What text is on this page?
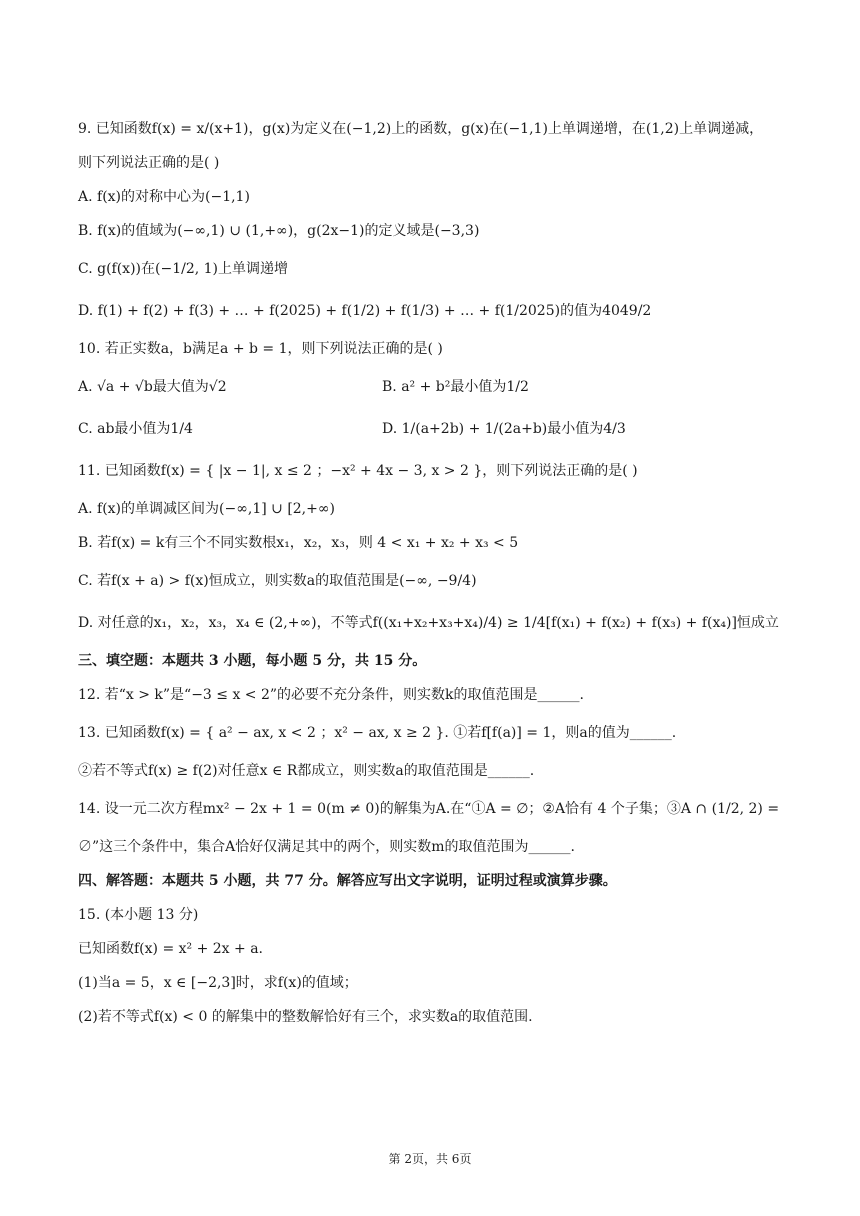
9. 已知函数f(x) = x/(x+1)，g(x)为定义在(−1,2)上的函数，g(x)在(−1,1)上单调递增，在(1,2)上单调递减，
则下列说法正确的是( )
A. f(x)的对称中心为(−1,1)
B. f(x)的值域为(−∞,1) ∪ (1,+∞)，g(2x−1)的定义域是(−3,3)
C. g(f(x))在(−1/2, 1)上单调递增
D. f(1) + f(2) + f(3) + … + f(2025) + f(1/2) + f(1/3) + … + f(1/2025)的值为4049/2
10. 若正实数a，b满足a + b = 1，则下列说法正确的是( )
A. √a + √b最大值为√2	B. a² + b²最小值为1/2
C. ab最小值为1/4	D. 1/(a+2b) + 1/(2a+b)最小值为4/3
11. 已知函数f(x) = { |x − 1|, x ≤ 2 ；−x² + 4x − 3, x > 2 }，则下列说法正确的是( )
A. f(x)的单调减区间为(−∞,1] ∪ [2,+∞)
B. 若f(x) = k有三个不同实数根x₁，x₂，x₃，则 4 < x₁ + x₂ + x₃ < 5
C. 若f(x + a) > f(x)恒成立，则实数a的取值范围是(−∞, −9/4)
D. 对任意的x₁，x₂，x₃，x₄ ∈ (2,+∞)，不等式f((x₁+x₂+x₃+x₄)/4) ≥ 1/4[f(x₁) + f(x₂) + f(x₃) + f(x₄)]恒成立
三、填空题：本题共 3 小题，每小题 5 分，共 15 分。
12. 若“x > k”是“−3 ≤ x < 2”的必要不充分条件，则实数k的取值范围是______.
13. 已知函数f(x) = { a² − ax, x < 2 ；x² − ax, x ≥ 2 }. ①若f[f(a)] = 1，则a的值为______.
②若不等式f(x) ≥ f(2)对任意x ∈ R都成立，则实数a的取值范围是______.
14. 设一元二次方程mx² − 2x + 1 = 0(m ≠ 0)的解集为A.在“①A = ∅；②A恰有 4 个子集；③A ∩ (1/2, 2) =
∅”这三个条件中，集合A恰好仅满足其中的两个，则实数m的取值范围为______.
四、解答题：本题共 5 小题，共 77 分。解答应写出文字说明，证明过程或演算步骤。
15. (本小题 13 分)
已知函数f(x) = x² + 2x + a.
(1)当a = 5，x ∈ [−2,3]时，求f(x)的值域；
(2)若不等式f(x) < 0 的解集中的整数解恰好有三个，求实数a的取值范围.
第 2页，共 6页
